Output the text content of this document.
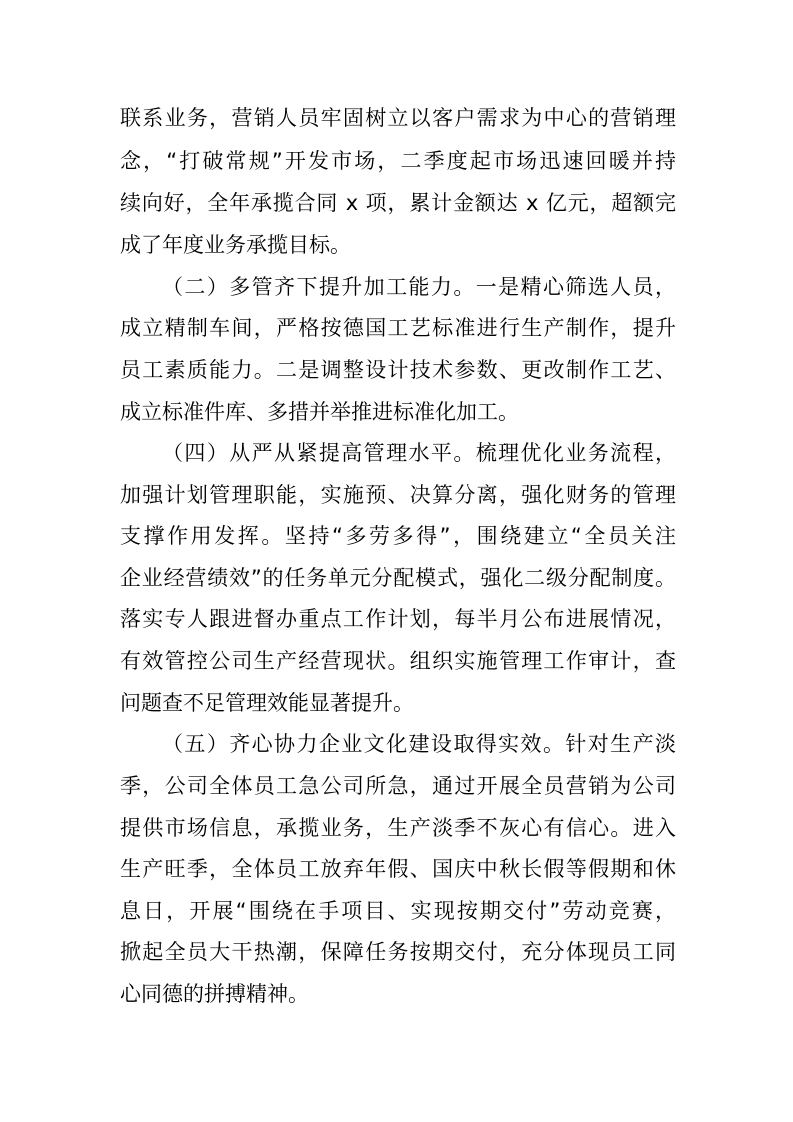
联系业务，营销人员牢固树立以客户需求为中心的营销理
念，“打破常规”开发市场，二季度起市场迅速回暖并持
续向好，全年承揽合同 x 项，累计金额达 x 亿元，超额完
成了年度业务承揽目标。
（二）多管齐下提升加工能力。一是精心筛选人员，
成立精制车间，严格按德国工艺标准进行生产制作，提升
员工素质能力。二是调整设计技术参数、更改制作工艺、
成立标准件库、多措并举推进标准化加工。
（四）从严从紧提高管理水平。梳理优化业务流程，
加强计划管理职能，实施预、决算分离，强化财务的管理
支撑作用发挥。坚持“多劳多得”，围绕建立“全员关注
企业经营绩效”的任务单元分配模式，强化二级分配制度。
落实专人跟进督办重点工作计划，每半月公布进展情况，
有效管控公司生产经营现状。组织实施管理工作审计，查
问题查不足管理效能显著提升。
（五）齐心协力企业文化建设取得实效。针对生产淡
季，公司全体员工急公司所急，通过开展全员营销为公司
提供市场信息，承揽业务，生产淡季不灰心有信心。进入
生产旺季，全体员工放弃年假、国庆中秋长假等假期和休
息日，开展“围绕在手项目、实现按期交付”劳动竞赛，
掀起全员大干热潮，保障任务按期交付，充分体现员工同
心同德的拼搏精神。
